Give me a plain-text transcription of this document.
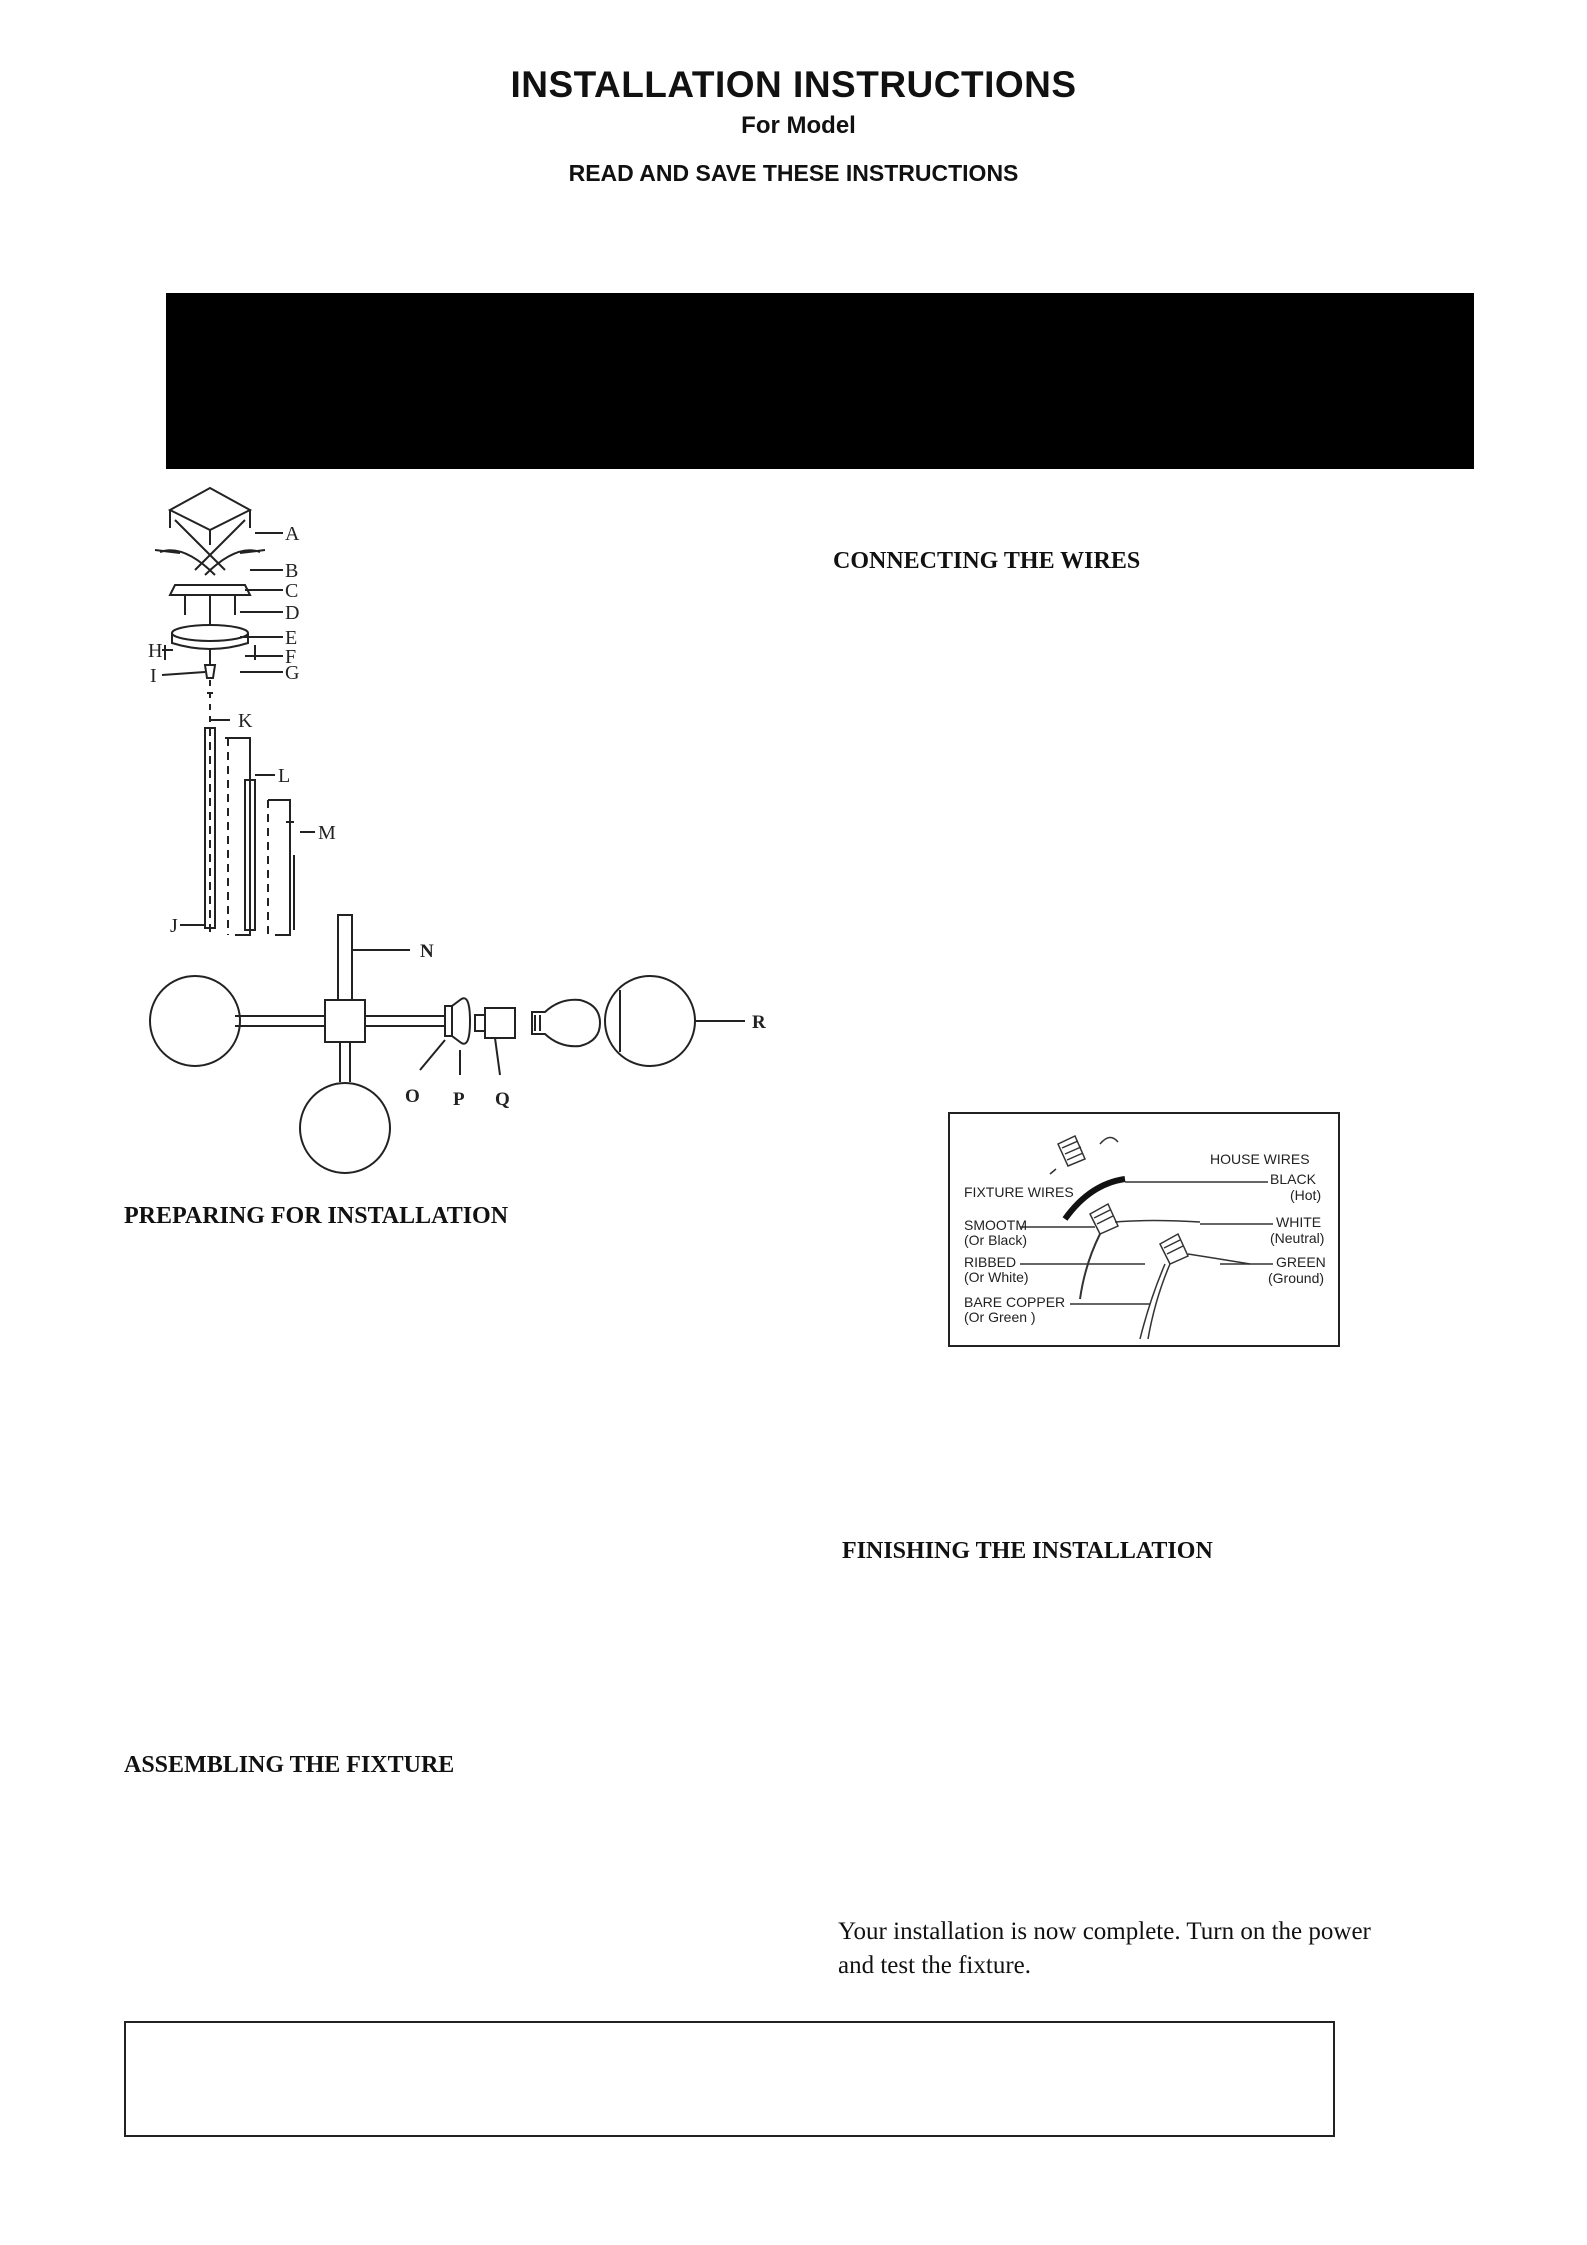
INSTALLATION INSTRUCTIONS
For Model
READ AND SAVE THESE INSTRUCTIONS
A
B
C
D
E
F
G
H
I
J
K
L
M
N
O P Q
R
CONNECTING THE WIRES
PREPARING FOR INSTALLATION
ASSEMBLING THE FIXTURE
FINISHING THE INSTALLATION
HOUSE WIRES
BLACK
(Hot)
WHITE
(Neutral)
GREEN
(Ground)
FIXTURE WIRES
SMOOTM
(Or Black)
RIBBED
(Or White)
BARE COPPER
(Or Green )
Your installation is now complete. Turn on the power
and test the fixture.
